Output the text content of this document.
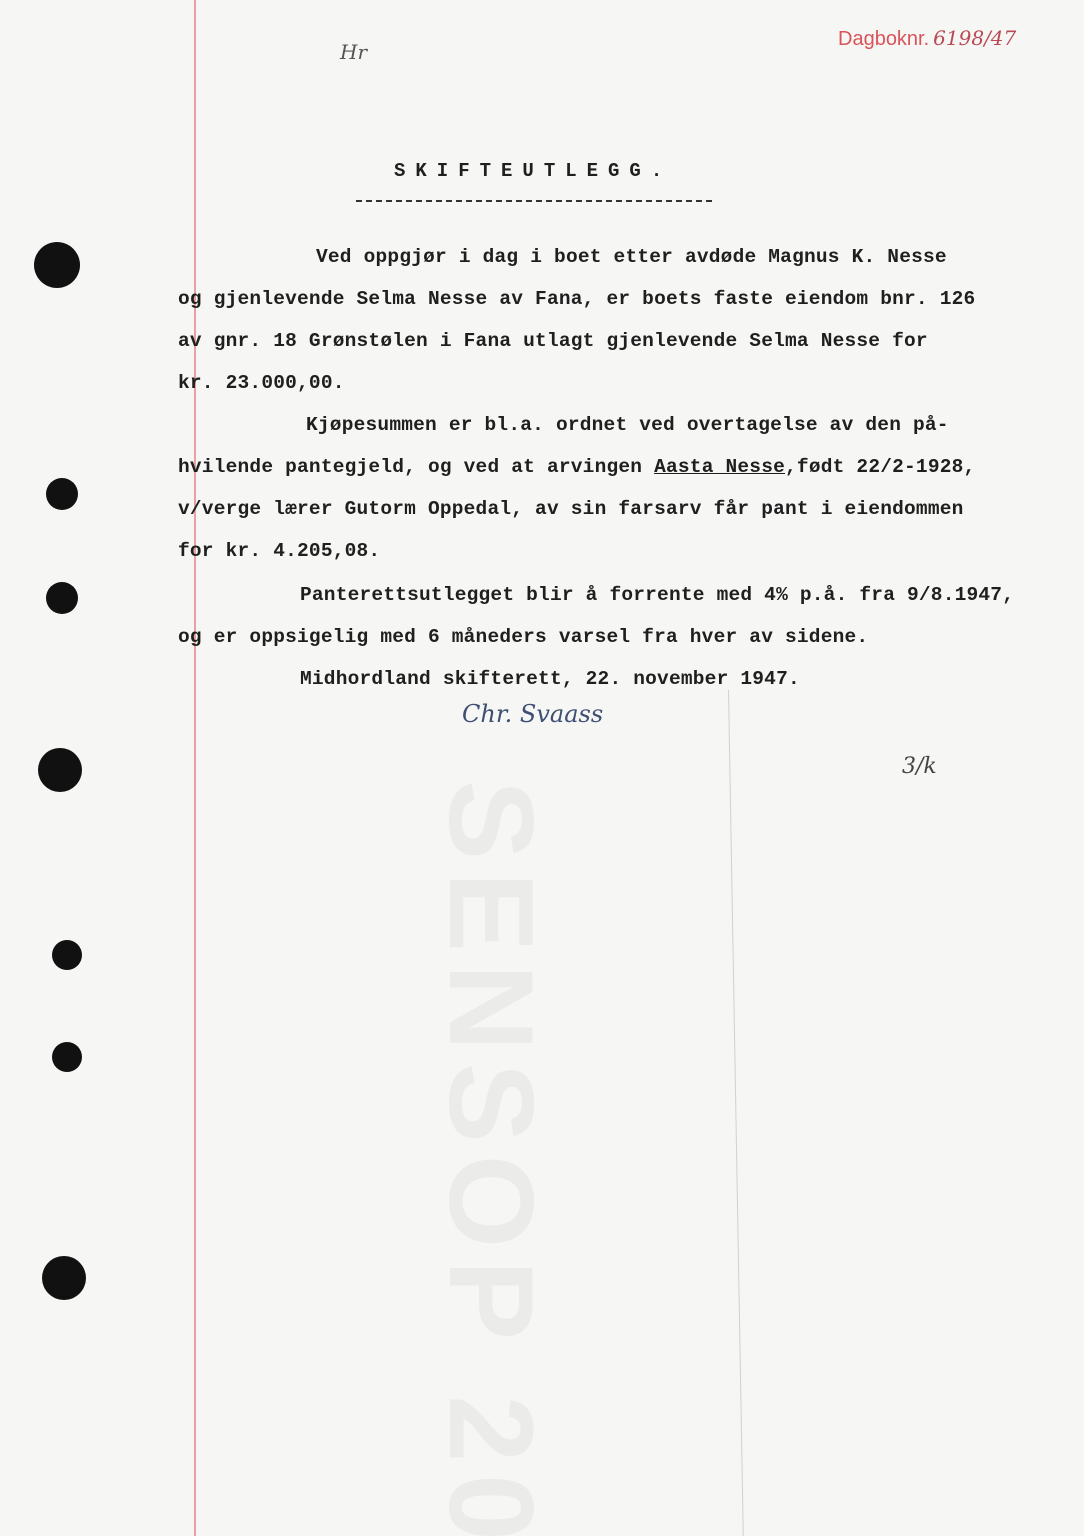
Dagboknr. 6198/47
Hr
SKIFTEUTLEGG.
Ved oppgjør i dag i boet etter avdøde Magnus K. Nesse
og gjenlevende Selma Nesse av Fana, er boets faste eiendom bnr. 126
av gnr. 18 Grønstølen i Fana utlagt gjenlevende Selma Nesse for
kr. 23.000,00.
Kjøpesummen er bl.a. ordnet ved overtagelse av den på-
hvilende pantegjeld, og ved at arvingen Aasta Nesse,født 22/2-1928,
v/verge lærer Gutorm Oppedal, av sin farsarv får pant i eiendommen
for kr. 4.205,08.
Panterettsutlegget blir å forrente med 4% p.å. fra 9/8.1947,
og er oppsigelig med 6 måneders varsel fra hver av sidene.
Midhordland skifterett, 22. november 1947.
Chr. Svaass
3/k
